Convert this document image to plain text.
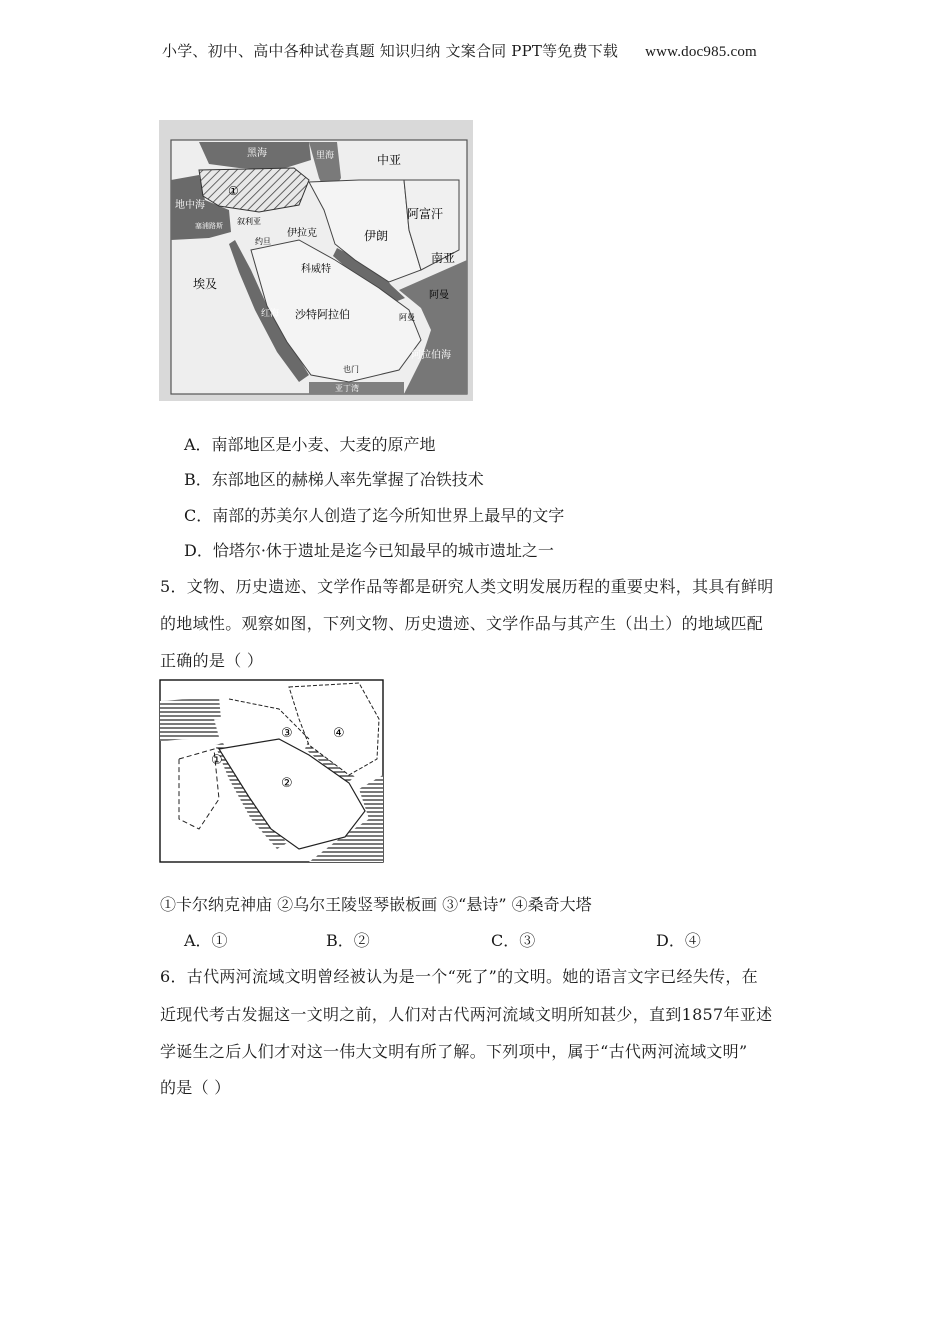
小学、初中、高中各种试卷真题 知识归纳 文案合同 PPT等免费下载 www.doc985.com
黑海	里海	中亚
地中海
阿富汗
伊朗
伊拉克
叙利亚
约旦
塞浦路斯
埃及
科威特
南亚
阿曼
沙特阿拉伯
红海
阿拉伯海
也门
亚丁湾
阿曼
①
A．南部地区是小麦、大麦的原产地
B．东部地区的赫梯人率先掌握了冶铁技术
C．南部的苏美尔人创造了迄今所知世界上最早的文字
D．恰塔尔·休于遗址是迄今已知最早的城市遗址之一
5．文物、历史遗迹、文学作品等都是研究人类文明发展历程的重要史料，其具有鲜明
的地域性。观察如图，下列文物、历史遗迹、文学作品与其产生（出土）的地域匹配
正确的是（ ）
①
②
③	④
①卡尔纳克神庙 ②乌尔王陵竖琴嵌板画 ③“悬诗” ④桑奇大塔
A．①	B．②	C．③	D．④
6．古代两河流域文明曾经被认为是一个“死了”的文明。她的语言文字已经失传，在
近现代考古发掘这一文明之前，人们对古代两河流域文明所知甚少，直到1857年亚述
学诞生之后人们才对这一伟大文明有所了解。下列项中，属于“古代两河流域文明”
的是（ ）
